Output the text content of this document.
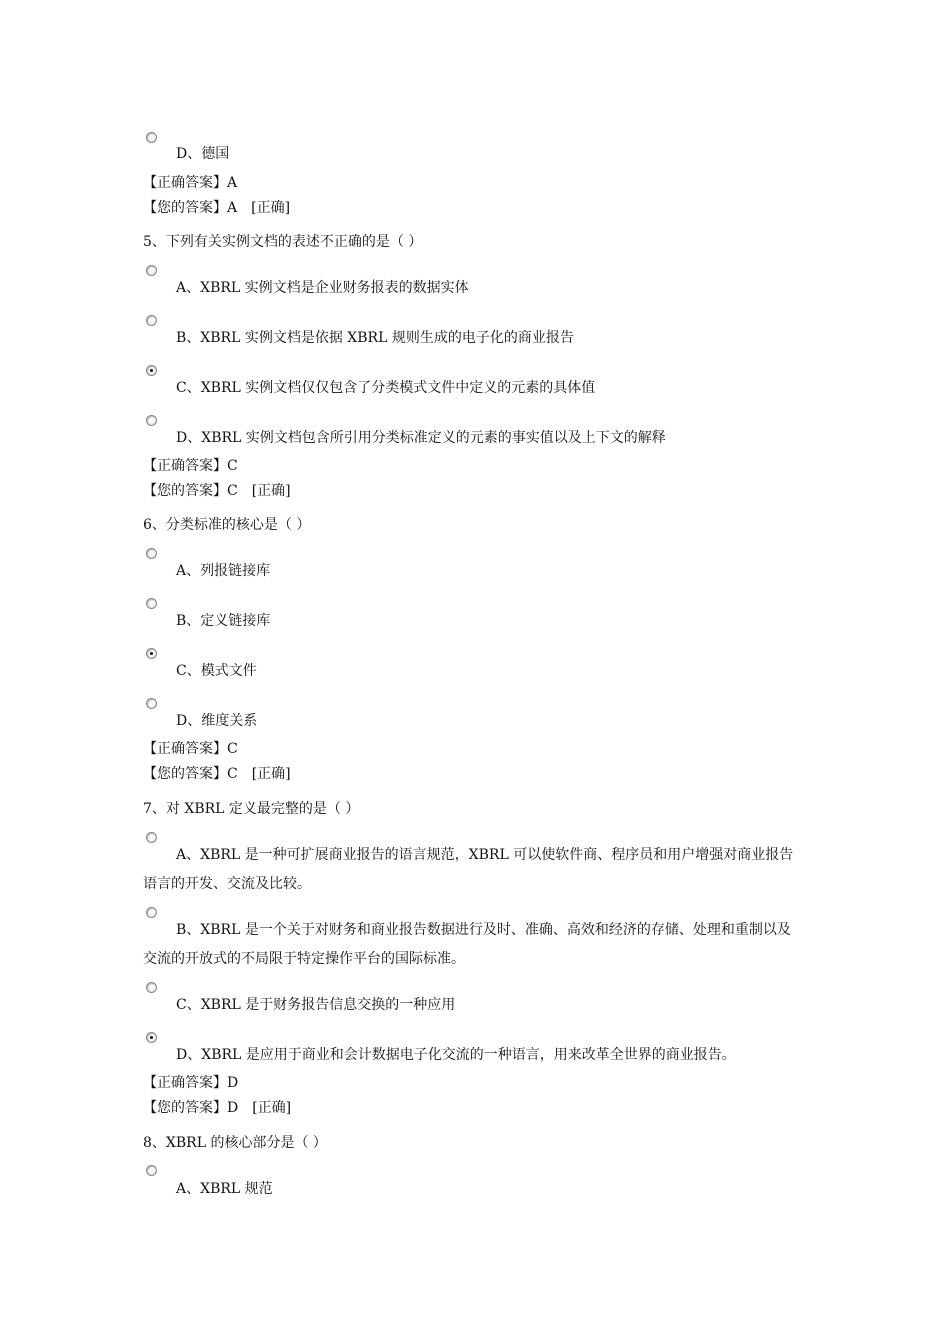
D、德国
【正确答案】A
【您的答案】A　[正确]
5、下列有关实例文档的表述不正确的是（ ）
A、XBRL 实例文档是企业财务报表的数据实体
B、XBRL 实例文档是依据 XBRL 规则生成的电子化的商业报告
C、XBRL 实例文档仅仅包含了分类模式文件中定义的元素的具体值
D、XBRL 实例文档包含所引用分类标准定义的元素的事实值以及上下文的解释
【正确答案】C
【您的答案】C　[正确]
6、分类标准的核心是（ ）
A、列报链接库
B、定义链接库
C、模式文件
D、维度关系
【正确答案】C
【您的答案】C　[正确]
7、对 XBRL 定义最完整的是（ ）
A、XBRL 是一种可扩展商业报告的语言规范，XBRL 可以使软件商、程序员和用户增强对商业报告
语言的开发、交流及比较。
B、XBRL 是一个关于对财务和商业报告数据进行及时、准确、高效和经济的存储、处理和重制以及
交流的开放式的不局限于特定操作平台的国际标准。
C、XBRL 是于财务报告信息交换的一种应用
D、XBRL 是应用于商业和会计数据电子化交流的一种语言，用来改革全世界的商业报告。
【正确答案】D
【您的答案】D　[正确]
8、XBRL 的核心部分是（ ）
A、XBRL 规范
